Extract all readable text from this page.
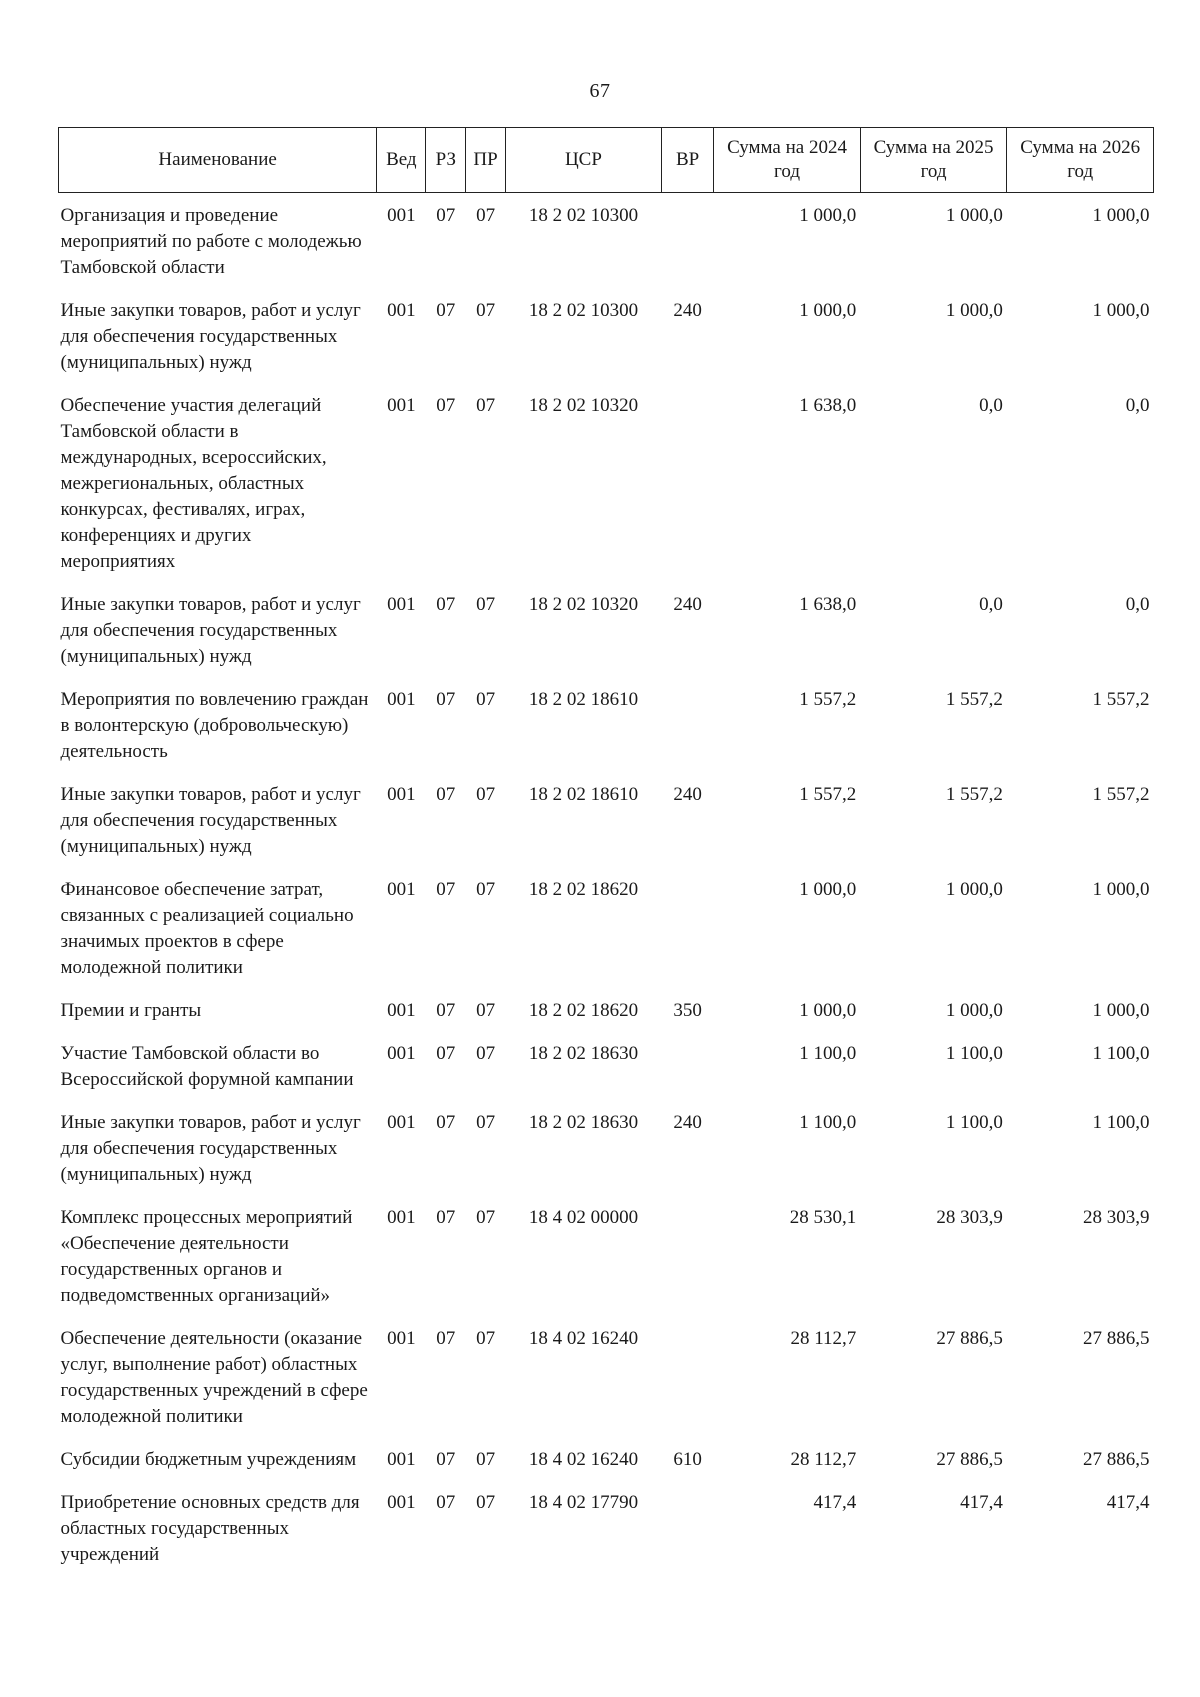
67
Наименование	Вед	РЗ	ПР	ЦСР	ВР	Сумма на 2024 год	Сумма на 2025 год	Сумма на 2026 год
Организация и проведение мероприятий по работе с молодежью Тамбовской области	001	07	07	18 2 02 10300		1 000,0	1 000,0	1 000,0
Иные закупки товаров, работ и услуг для обеспечения государственных (муниципальных) нужд	001	07	07	18 2 02 10300	240	1 000,0	1 000,0	1 000,0
Обеспечение участия делегаций Тамбовской области в международных, всероссийских, межрегиональных, областных конкурсах, фестивалях, играх, конференциях и других мероприятиях	001	07	07	18 2 02 10320		1 638,0	0,0	0,0
Иные закупки товаров, работ и услуг для обеспечения государственных (муниципальных) нужд	001	07	07	18 2 02 10320	240	1 638,0	0,0	0,0
Мероприятия по вовлечению граждан в волонтерскую (добровольческую) деятельность	001	07	07	18 2 02 18610		1 557,2	1 557,2	1 557,2
Иные закупки товаров, работ и услуг для обеспечения государственных (муниципальных) нужд	001	07	07	18 2 02 18610	240	1 557,2	1 557,2	1 557,2
Финансовое обеспечение затрат, связанных с реализацией социально значимых проектов в сфере молодежной политики	001	07	07	18 2 02 18620		1 000,0	1 000,0	1 000,0
Премии и гранты	001	07	07	18 2 02 18620	350	1 000,0	1 000,0	1 000,0
Участие Тамбовской области во Всероссийской форумной кампании	001	07	07	18 2 02 18630		1 100,0	1 100,0	1 100,0
Иные закупки товаров, работ и услуг для обеспечения государственных (муниципальных) нужд	001	07	07	18 2 02 18630	240	1 100,0	1 100,0	1 100,0
Комплекс процессных мероприятий «Обеспечение деятельности государственных органов и подведомственных организаций»	001	07	07	18 4 02 00000		28 530,1	28 303,9	28 303,9
Обеспечение деятельности (оказание услуг, выполнение работ) областных государственных учреждений в сфере молодежной политики	001	07	07	18 4 02 16240		28 112,7	27 886,5	27 886,5
Субсидии бюджетным учреждениям	001	07	07	18 4 02 16240	610	28 112,7	27 886,5	27 886,5
Приобретение основных средств для областных государственных учреждений	001	07	07	18 4 02 17790		417,4	417,4	417,4
